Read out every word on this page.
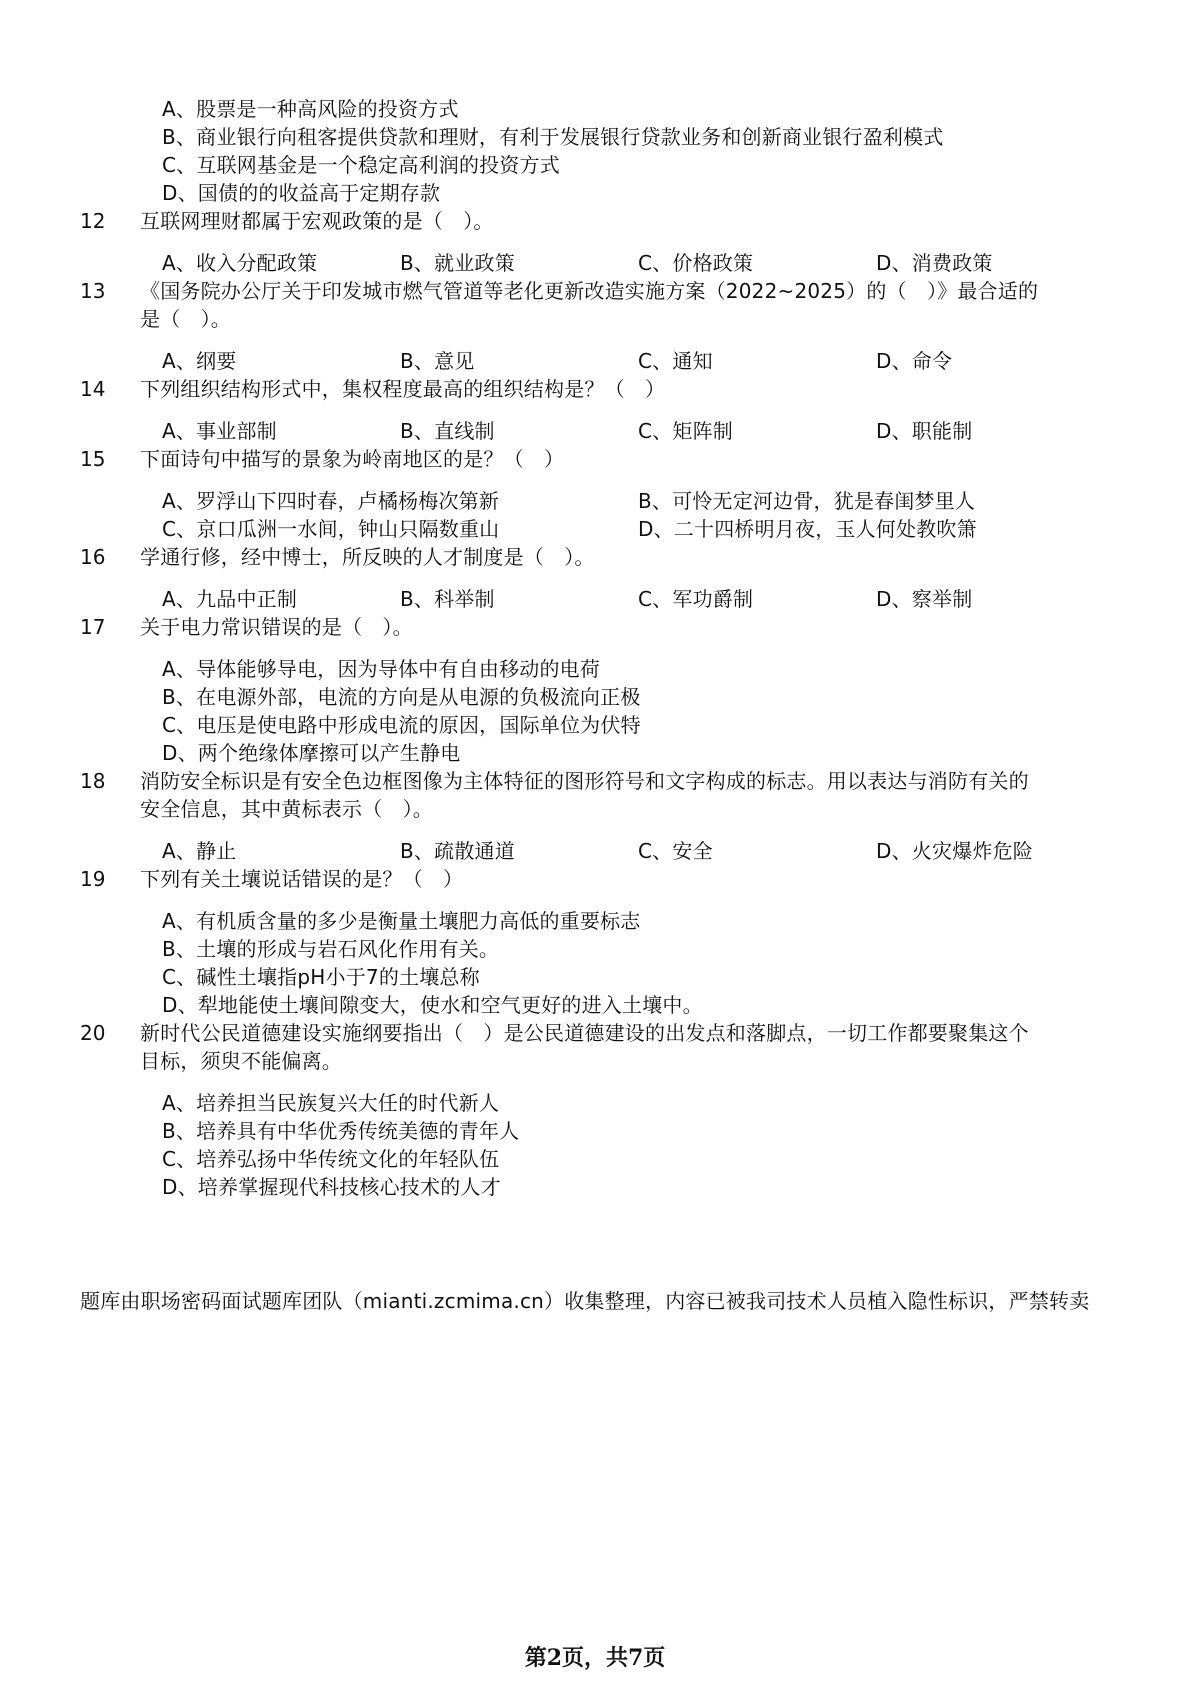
A、股票是一种高风险的投资方式
B、商业银行向租客提供贷款和理财，有利于发展银行贷款业务和创新商业银行盈利模式
C、互联网基金是一个稳定高利润的投资方式
D、国债的的收益高于定期存款
12 互联网理财都属于宏观政策的是（　）。
A、收入分配政策	B、就业政策	C、价格政策	D、消费政策
13 《国务院办公厅关于印发城市燃气管道等老化更新改造实施方案（2022~2025）的（　）》最合适的
是（　）。
A、纲要	B、意见	C、通知	D、命令
14 下列组织结构形式中，集权程度最高的组织结构是？（　）
A、事业部制	B、直线制	C、矩阵制	D、职能制
15 下面诗句中描写的景象为岭南地区的是？（　）
A、罗浮山下四时春，卢橘杨梅次第新	B、可怜无定河边骨，犹是春闺梦里人
C、京口瓜洲一水间，钟山只隔数重山	D、二十四桥明月夜，玉人何处教吹箫
16 学通行修，经中博士，所反映的人才制度是（　）。
A、九品中正制	B、科举制	C、军功爵制	D、察举制
17 关于电力常识错误的是（　）。
A、导体能够导电，因为导体中有自由移动的电荷
B、在电源外部，电流的方向是从电源的负极流向正极
C、电压是使电路中形成电流的原因，国际单位为伏特
D、两个绝缘体摩擦可以产生静电
18 消防安全标识是有安全色边框图像为主体特征的图形符号和文字构成的标志。用以表达与消防有关的
安全信息，其中黄标表示（　）。
A、静止	B、疏散通道	C、安全	D、火灾爆炸危险
19 下列有关土壤说话错误的是？（　）
A、有机质含量的多少是衡量土壤肥力高低的重要标志
B、土壤的形成与岩石风化作用有关。
C、碱性土壤指pH小于7的土壤总称
D、犁地能使土壤间隙变大，使水和空气更好的进入土壤中。
20 新时代公民道德建设实施纲要指出（　）是公民道德建设的出发点和落脚点，一切工作都要聚集这个
目标，须臾不能偏离。
A、培养担当民族复兴大任的时代新人
B、培养具有中华优秀传统美德的青年人
C、培养弘扬中华传统文化的年轻队伍
D、培养掌握现代科技核心技术的人才
题库由职场密码面试题库团队（mianti.zcmima.cn）收集整理，内容已被我司技术人员植入隐性标识，严禁转卖
第2页，共7页
